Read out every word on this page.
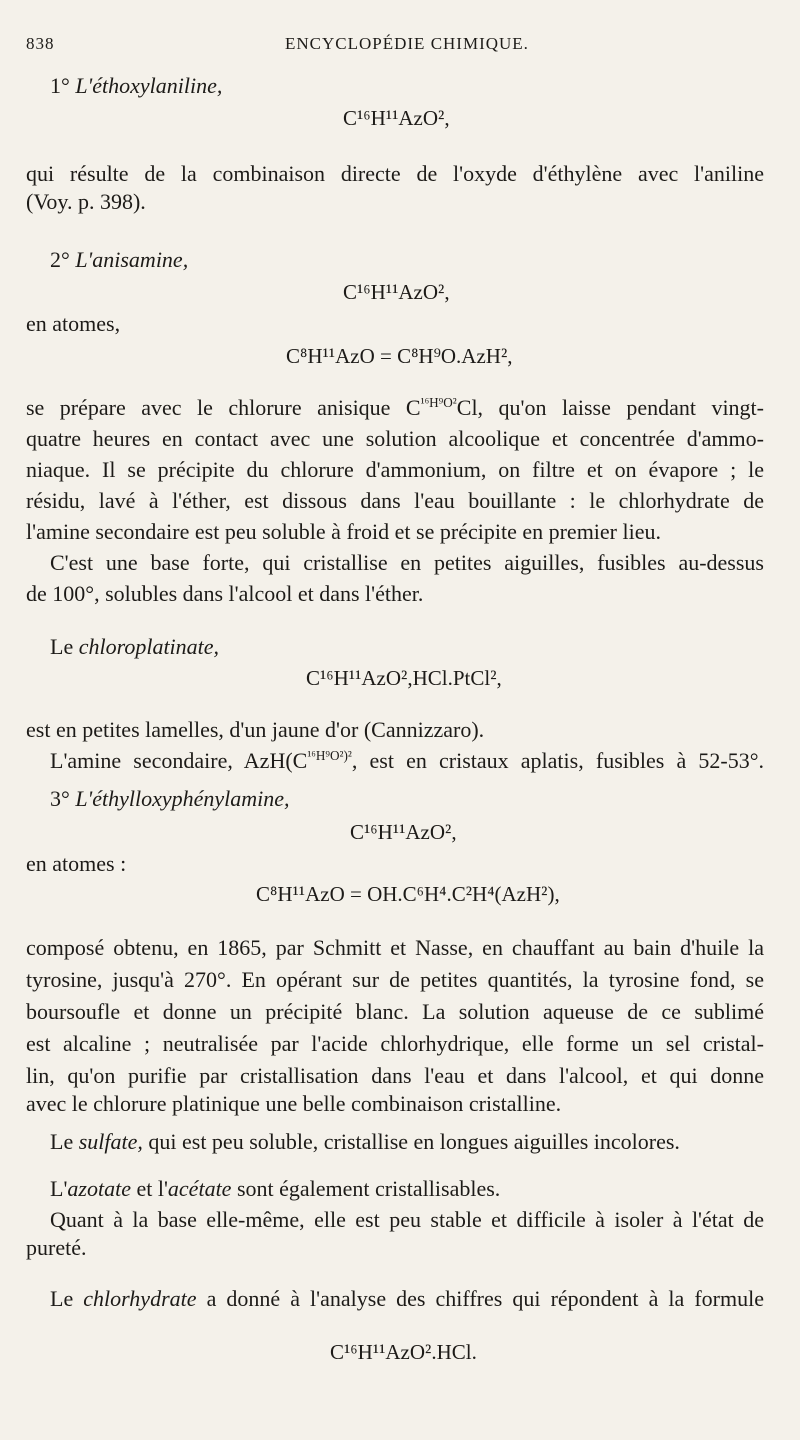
838	ENCYCLOPÉDIE CHIMIQUE.
1° L'éthoxylaniline,
C¹⁶H¹¹AzO²,
qui résulte de la combinaison directe de l'oxyde d'éthylène avec l'aniline
(Voy. p. 398).
2° L'anisamine,
C¹⁶H¹¹AzO²,
en atomes,
C⁸H¹¹AzO = C⁸H⁹O.AzH²,
se prépare avec le chlorure anisique $C^{^{16}H^9O^2}Cl$, qu'on laisse pendant vingt-
quatre heures en contact avec une solution alcoolique et concentrée d'ammo-
niaque. Il se précipite du chlorure d'ammonium, on filtre et on évapore ; le
résidu, lavé à l'éther, est dissous dans l'eau bouillante : le chlorhydrate de
l'amine secondaire est peu soluble à froid et se précipite en premier lieu.
C'est une base forte, qui cristallise en petites aiguilles, fusibles au-dessus
de 100°, solubles dans l'alcool et dans l'éther.
Le chloroplatinate,
C¹⁶H¹¹AzO²,HCl.PtCl²,
est en petites lamelles, d'un jaune d'or (Cannizzaro).
L'amine secondaire, $AzH(C^{^{16}H^9O^2)^2}$, est en cristaux aplatis, fusibles à 52-53°.
3° L'éthylloxyphénylamine,
C¹⁶H¹¹AzO²,
en atomes :
C⁸H¹¹AzO = OH.C⁶H⁴.C²H⁴(AzH²),
composé obtenu, en 1865, par Schmitt et Nasse, en chauffant au bain d'huile la
tyrosine, jusqu'à 270°. En opérant sur de petites quantités, la tyrosine fond, se
boursoufle et donne un précipité blanc. La solution aqueuse de ce sublimé
est alcaline ; neutralisée par l'acide chlorhydrique, elle forme un sel cristal-
lin, qu'on purifie par cristallisation dans l'eau et dans l'alcool, et qui donne
avec le chlorure platinique une belle combinaison cristalline.
Le sulfate, qui est peu soluble, cristallise en longues aiguilles incolores.
L'azotate et l'acétate sont également cristallisables.
Quant à la base elle-même, elle est peu stable et difficile à isoler à l'état de
pureté.
Le chlorhydrate a donné à l'analyse des chiffres qui répondent à la formule
C¹⁶H¹¹AzO².HCl.
